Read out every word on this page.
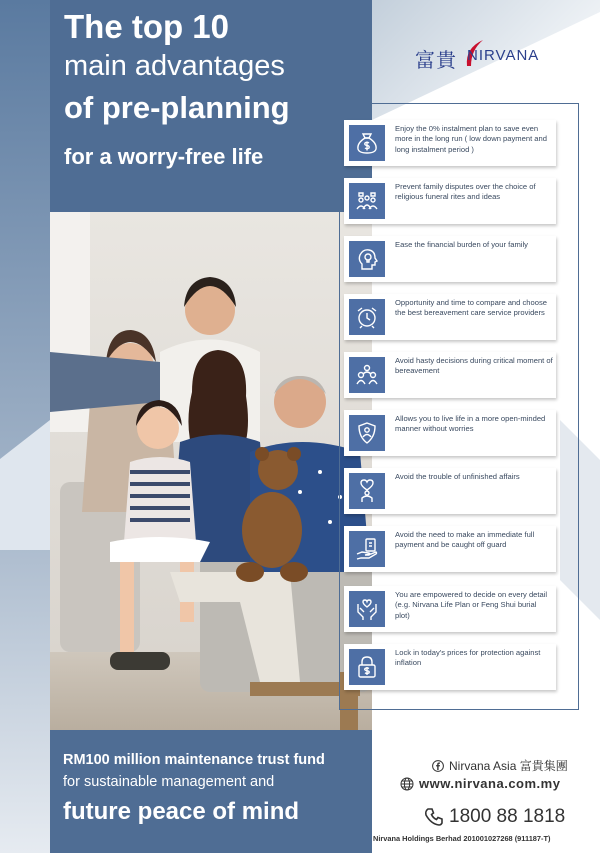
The top 10
main advantages
of pre-planning
for a worry-free life
富貴 NIRVANA
Enjoy the 0% instalment plan to save even more in the long run ( low down payment and long instalment period )
Prevent family disputes over the choice of religious funeral rites and ideas
Ease the financial burden of your family
Opportunity and time to compare and choose the best bereavement care service providers
Avoid hasty decisions during critical moment of bereavement
Allows you to live life in a more open-minded manner without worries
Avoid the trouble of unfinished affairs
Avoid the need to make an immediate full payment and be caught off guard
You are empowered to decide on every detail (e.g. Nirvana Life Plan or Feng Shui burial plot)
Lock in today's prices for protection against inflation
RM100 million maintenance trust fund
for sustainable management and
future peace of mind
Nirvana Asia 富貴集團
www.nirvana.com.my
1800 88 1818
Nirvana Holdings Berhad 201001027268 (911187-T)
